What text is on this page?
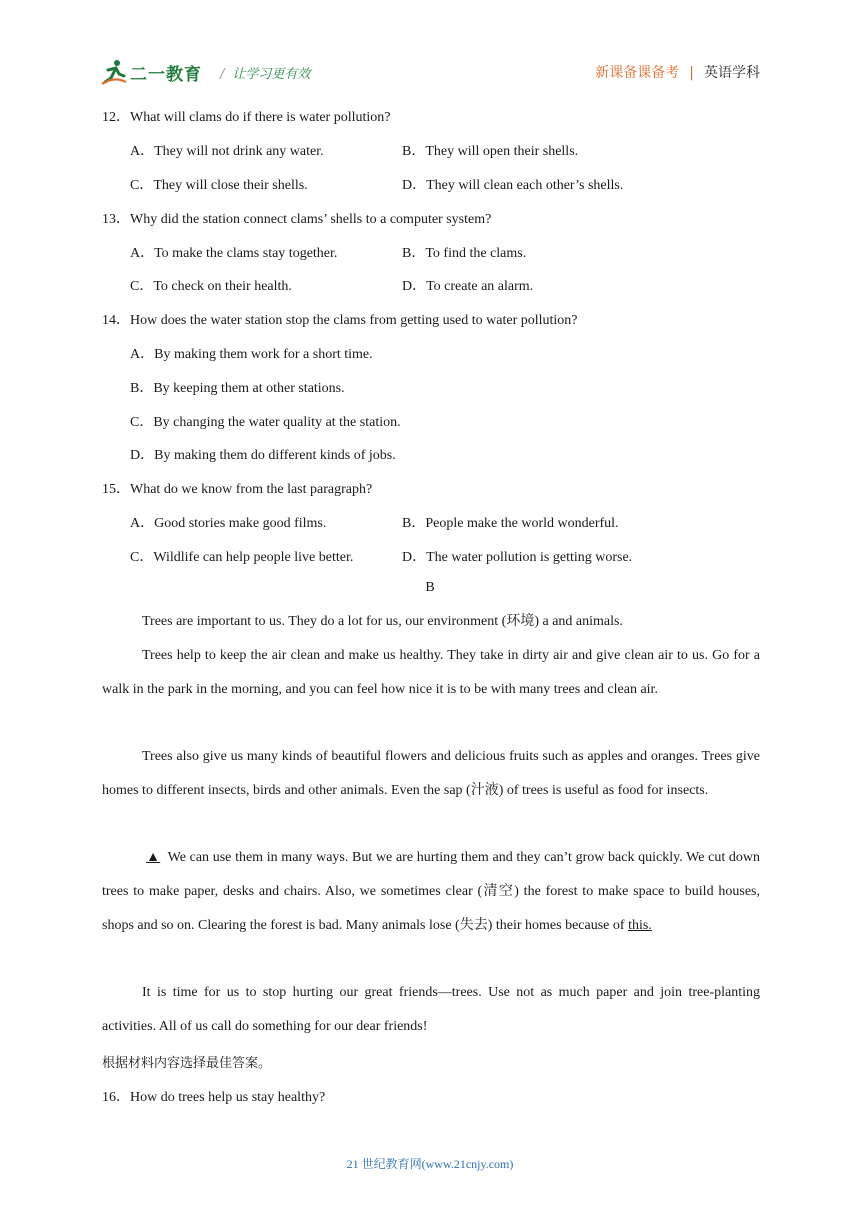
二一教育 / 让学习更有效	新课备课备考 | 英语学科
12．What will clams do if there is water pollution?
A．They will not drink any water.	B．They will open their shells.
C．They will close their shells.	D．They will clean each other’s shells.
13．Why did the station connect clams’ shells to a computer system?
A．To make the clams stay together.	B．To find the clams.
C．To check on their health.	D．To create an alarm.
14．How does the water station stop the clams from getting used to water pollution?
A．By making them work for a short time.
B．By keeping them at other stations.
C．By changing the water quality at the station.
D．By making them do different kinds of jobs.
15．What do we know from the last paragraph?
A．Good stories make good films.	B．People make the world wonderful.
C．Wildlife can help people live better.	D．The water pollution is getting worse.
B
Trees are important to us. They do a lot for us, our environment (环境) a and animals.
Trees help to keep the air clean and make us healthy. They take in dirty air and give clean air to us. Go for a walk in the park in the morning, and you can feel how nice it is to be with many trees and clean air.
Trees also give us many kinds of beautiful flowers and delicious fruits such as apples and oranges. Trees give homes to different insects, birds and other animals. Even the sap (汁液) of trees is useful as food for insects.
▲ We can use them in many ways. But we are hurting them and they can’t grow back quickly. We cut down trees to make paper, desks and chairs. Also, we sometimes clear (清空) the forest to make space to build houses, shops and so on. Clearing the forest is bad. Many animals lose (失去) their homes because of this.
It is time for us to stop hurting our great friends—trees. Use not as much paper and join tree-planting activities. All of us call do something for our dear friends!
根据材料内容选择最佳答案。
16．How do trees help us stay healthy?
21 世纪教育网(www.21cnjy.com)
